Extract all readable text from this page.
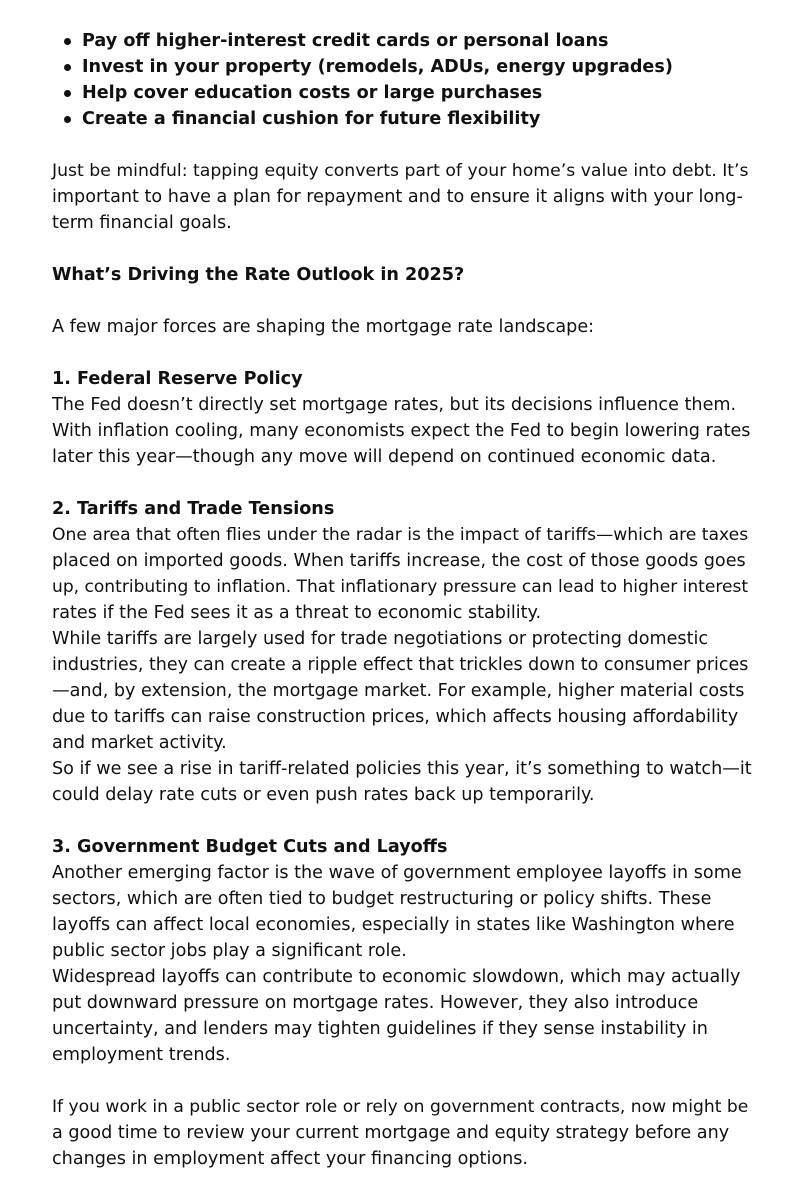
Pay off higher-interest credit cards or personal loans
Invest in your property (remodels, ADUs, energy upgrades)
Help cover education costs or large purchases
Create a financial cushion for future flexibility
Just be mindful: tapping equity converts part of your home’s value into debt. It’s
important to have a plan for repayment and to ensure it aligns with your long-
term financial goals.
What’s Driving the Rate Outlook in 2025?
A few major forces are shaping the mortgage rate landscape:
1. Federal Reserve Policy
The Fed doesn’t directly set mortgage rates, but its decisions influence them.
With inflation cooling, many economists expect the Fed to begin lowering rates
later this year—though any move will depend on continued economic data.
2. Tariffs and Trade Tensions
One area that often flies under the radar is the impact of tariffs—which are taxes
placed on imported goods. When tariffs increase, the cost of those goods goes
up, contributing to inflation. That inflationary pressure can lead to higher interest
rates if the Fed sees it as a threat to economic stability.
While tariffs are largely used for trade negotiations or protecting domestic
industries, they can create a ripple effect that trickles down to consumer prices
—and, by extension, the mortgage market. For example, higher material costs
due to tariffs can raise construction prices, which affects housing affordability
and market activity.
So if we see a rise in tariff-related policies this year, it’s something to watch—it
could delay rate cuts or even push rates back up temporarily.
3. Government Budget Cuts and Layoffs
Another emerging factor is the wave of government employee layoffs in some
sectors, which are often tied to budget restructuring or policy shifts. These
layoffs can affect local economies, especially in states like Washington where
public sector jobs play a significant role.
Widespread layoffs can contribute to economic slowdown, which may actually
put downward pressure on mortgage rates. However, they also introduce
uncertainty, and lenders may tighten guidelines if they sense instability in
employment trends.
If you work in a public sector role or rely on government contracts, now might be
a good time to review your current mortgage and equity strategy before any
changes in employment affect your financing options.
